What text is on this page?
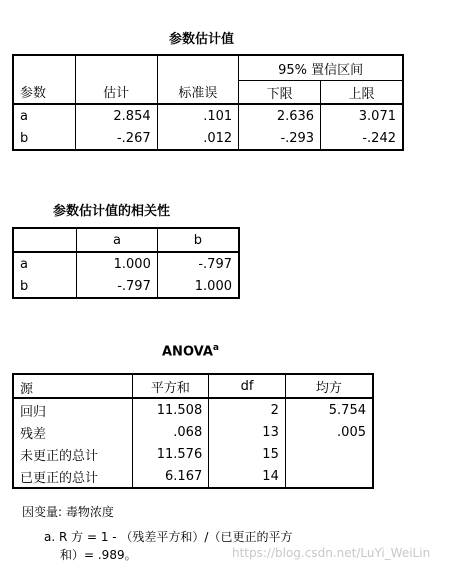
参数估计值
参数	估计	标准误	95% 置信区间	
			下限	上限
a	2.854	.101	2.636	3.071
b	-.267	.012	-.293	-.242
参数估计值的相关性
	a	b
a	1.000	-.797
b	-.797	1.000
ANOVA$^a$
源	平方和	df	均方
回归	11.508	2	5.754
残差	.068	13	.005
未更正的总计	11.576	15	
已更正的总计	6.167	14	
因变量: 毒物浓度
a. R 方 = 1 - （残差平方和）/（已更正的平方
和）= .989。	https://blog.csdn.net/LuYi_WeiLin
